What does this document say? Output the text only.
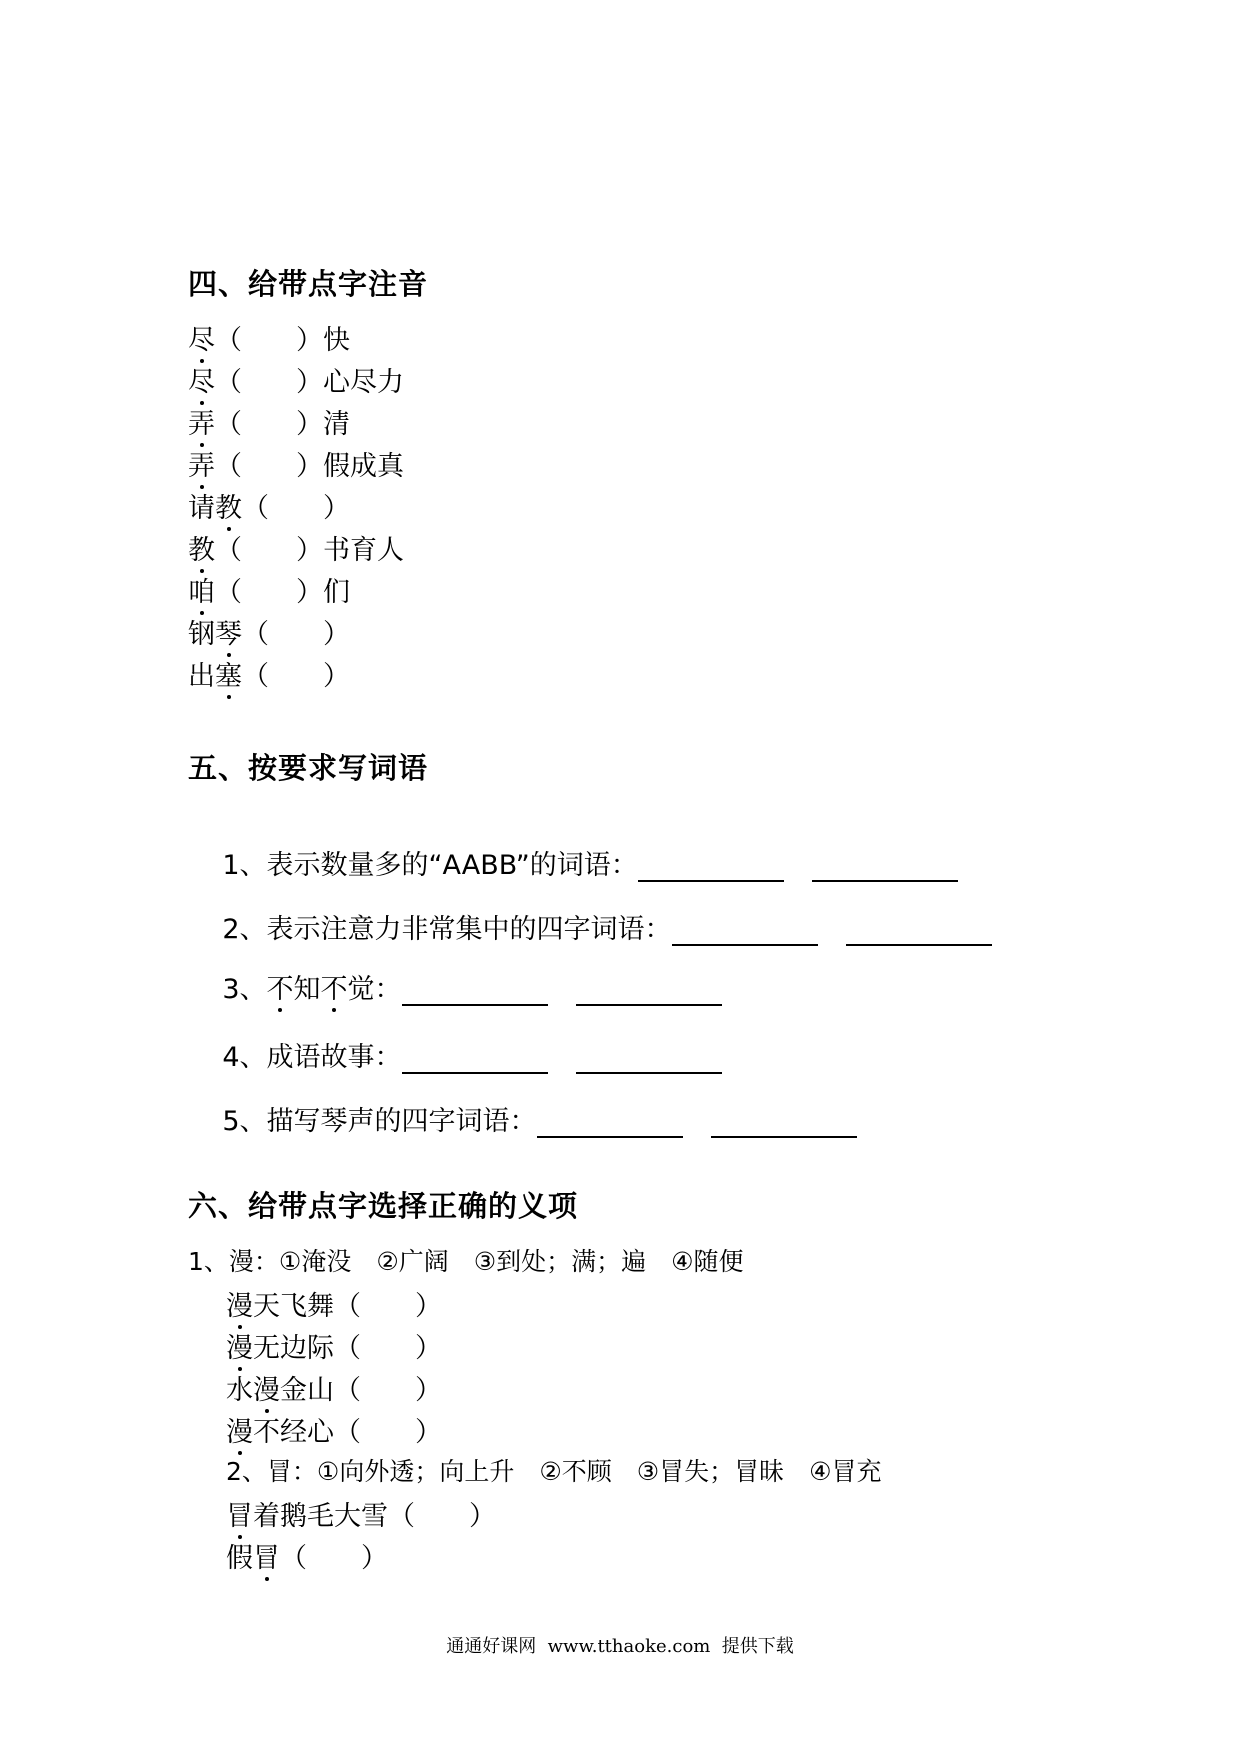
四、给带点字注音
尽（　　）快
尽（　　）心尽力
弄（　　）清
弄（　　）假成真
请教（　　）
教（　　）书育人
咱（　　）们
钢琴（　　）
出塞（　　）
五、按要求写词语

1、表示数量多的“AABB”的词语：

2、表示注意力非常集中的四字词语：

3、不知不觉：

4、成语故事：

5、描写琴声的四字词语：

六、给带点字选择正确的义项
1、漫：①淹没　②广阔　③到处；满；遍　④随便
漫天飞舞（　　）
漫无边际（　　）
水漫金山（　　）
漫不经心（　　）
2、冒：①向外透；向上升　②不顾　③冒失；冒昧　④冒充
冒着鹅毛大雪（　　）
假冒（　　）
通通好课网  www.tthaoke.com  提供下载
